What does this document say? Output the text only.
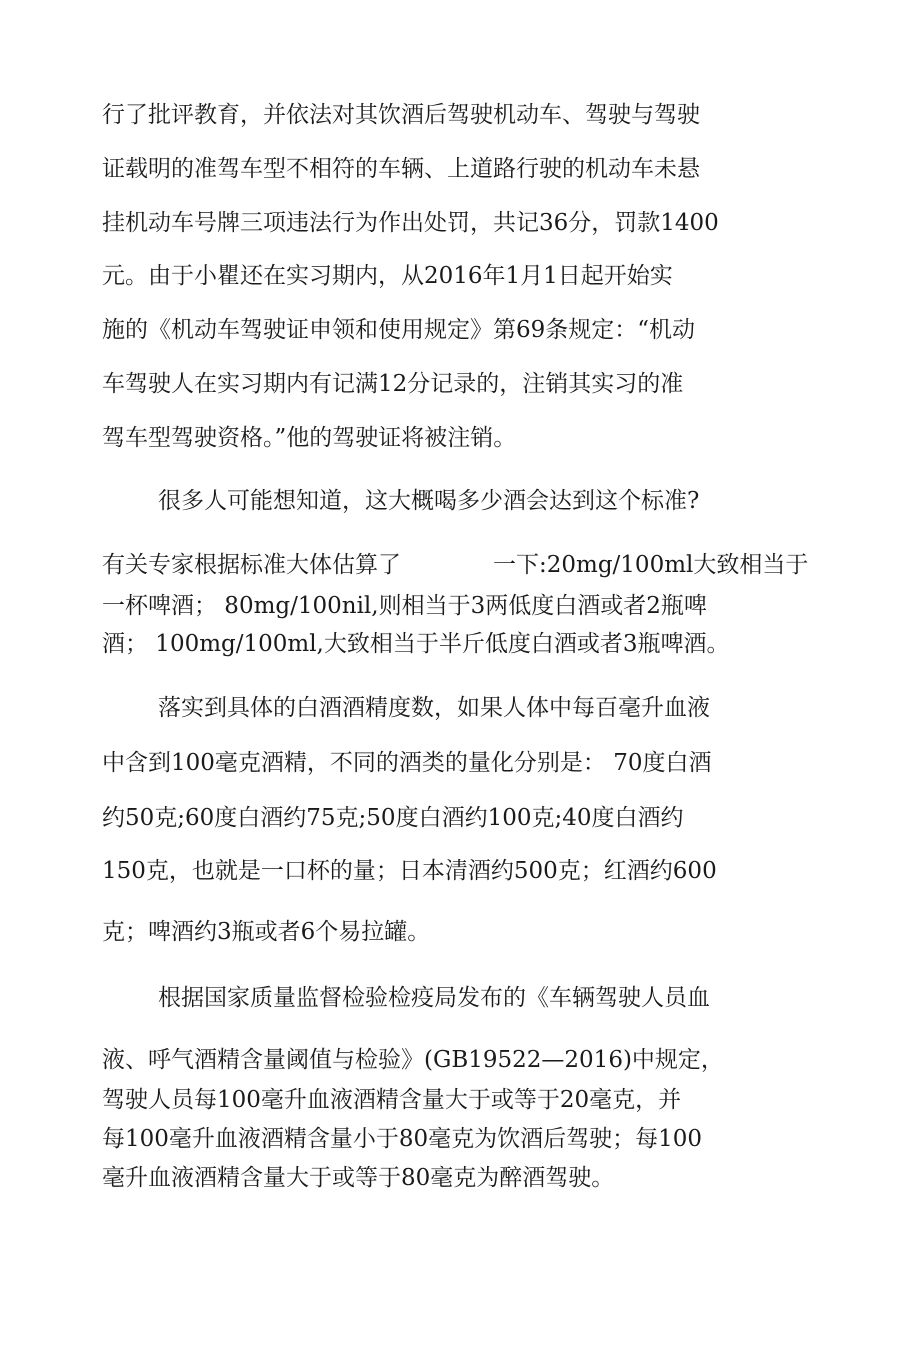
行了批评教育，并依法对其饮酒后驾驶机动车、驾驶与驾驶
证载明的准驾车型不相符的车辆、上道路行驶的机动车未悬
挂机动车号牌三项违法行为作出处罚，共记36分，罚款1400
元。由于小瞿还在实习期内，从2016年1月1日起开始实
施的《机动车驾驶证申领和使用规定》第69条规定：“机动
车驾驶人在实习期内有记满12分记录的，注销其实习的准
驾车型驾驶资格。”他的驾驶证将被注销。
很多人可能想知道，这大概喝多少酒会达到这个标准?
有关专家根据标准大体估算了	一下:20mg/100ml大致相当于
一杯啤酒； 80mg/100nil,则相当于3两低度白酒或者2瓶啤
酒； 100mg/100ml,大致相当于半斤低度白酒或者3瓶啤酒。
落实到具体的白酒酒精度数，如果人体中每百毫升血液
中含到100毫克酒精，不同的酒类的量化分别是： 70度白酒
约50克;60度白酒约75克;50度白酒约100克;40度白酒约
150克，也就是一口杯的量；日本清酒约500克；红酒约600
克；啤酒约3瓶或者6个易拉罐。
根据国家质量监督检验检疫局发布的《车辆驾驶人员血
液、呼气酒精含量阈值与检验》(GB19522—2016)中规定，
驾驶人员每100毫升血液酒精含量大于或等于20毫克，并
每100毫升血液酒精含量小于80毫克为饮酒后驾驶；每100
毫升血液酒精含量大于或等于80毫克为醉酒驾驶。
